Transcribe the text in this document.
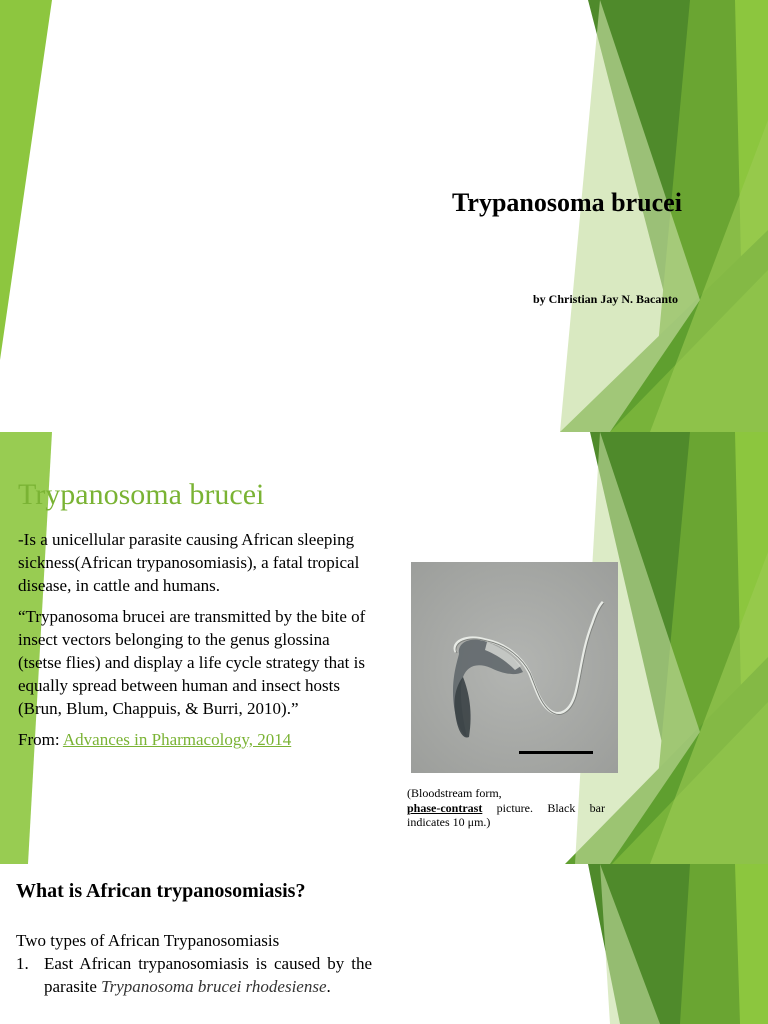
Trypanosoma brucei
by Christian Jay N. Bacanto
Trypanosoma brucei

-Is a unicellular parasite causing African sleeping sickness(African trypanosomiasis), a fatal tropical disease, in cattle and humans.

“Trypanosoma brucei are transmitted by the bite of insect vectors belonging to the genus glossina (tsetse flies) and display a life cycle strategy that is equally spread between human and insect hosts (Brun, Blum, Chappuis, & Burri, 2010).”

From: Advances in Pharmacology, 2014

(Bloodstream form,
phase-contrast picture. Black bar indicates 10 μm.)
What is African trypanosomiasis?
Two types of African Trypanosomiasis
1. East African trypanosomiasis is caused by the parasite Trypanosoma brucei rhodesiense.
